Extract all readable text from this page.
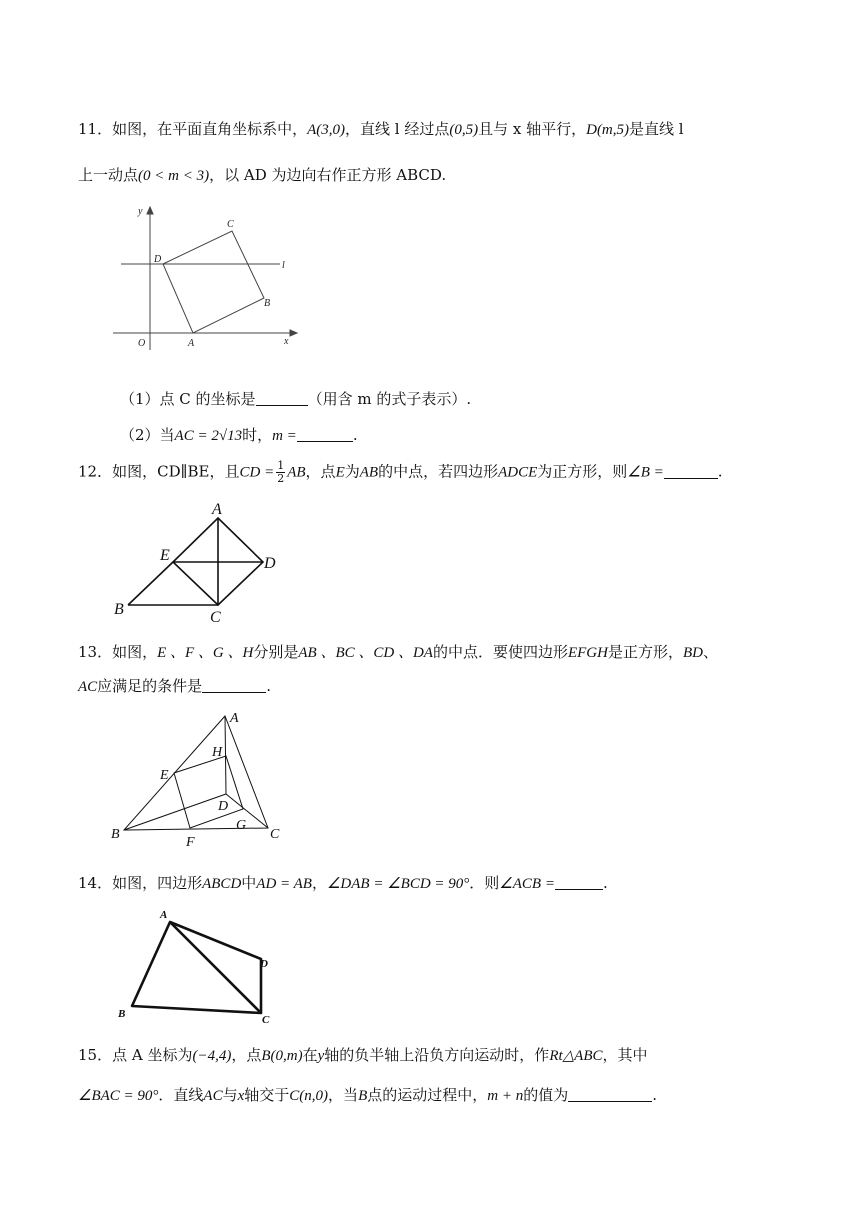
11．如图，在平面直角坐标系中，A(3,0)，直线 l 经过点(0,5)且与 x 轴平行，D(m,5)是直线 l
上一动点(0 < m < 3)，以 AD 为边向右作正方形 ABCD.
y
C
D
l
B
O	A	x
（1）点 C 的坐标是	（用含 m 的式子表示）.
（2）当AC = 2√13时，m =	.
12．如图，CD∥BE，且CD = $\frac{1}{2}$ AB，点E为AB的中点，若四边形ADCE为正方形，则∠B =	.
A
E	D
B	C
13．如图，E 、F 、G 、H分别是AB 、BC 、CD 、DA的中点．要使四边形EFGH是正方形，BD、
AC应满足的条件是	.
A
H
E
D
G
B
F
C
14．如图，四边形ABCD中AD = AB，∠DAB = ∠BCD = 90°．则∠ACB =	.
A
D
B	C
15．点 A 坐标为(−4,4)，点B(0,m)在y轴的负半轴上沿负方向运动时，作Rt△ABC，其中
∠BAC = 90°．直线AC与x轴交于C(n,0)，当B点的运动过程中，m + n的值为	.
